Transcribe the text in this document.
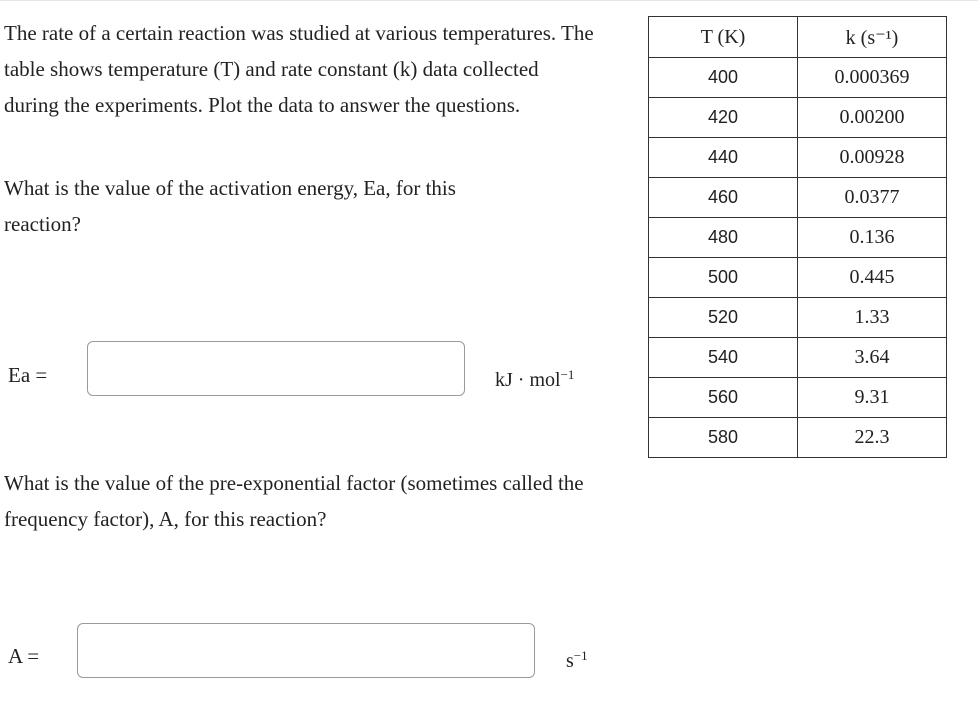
The rate of a certain reaction was studied at various temperatures. The table shows temperature (T) and rate constant (k) data collected during the experiments. Plot the data to answer the questions.

What is the value of the activation energy, Ea, for this reaction?

Ea =	kJ · mol$^{-1}$

What is the value of the pre-exponential factor (sometimes called the frequency factor), A, for this reaction?

A =	$s^{-1}$
T (K)	k (s⁻¹)
400	0.000369
420	0.00200
440	0.00928
460	0.0377
480	0.136
500	0.445
520	1.33
540	3.64
560	9.31
580	22.3
